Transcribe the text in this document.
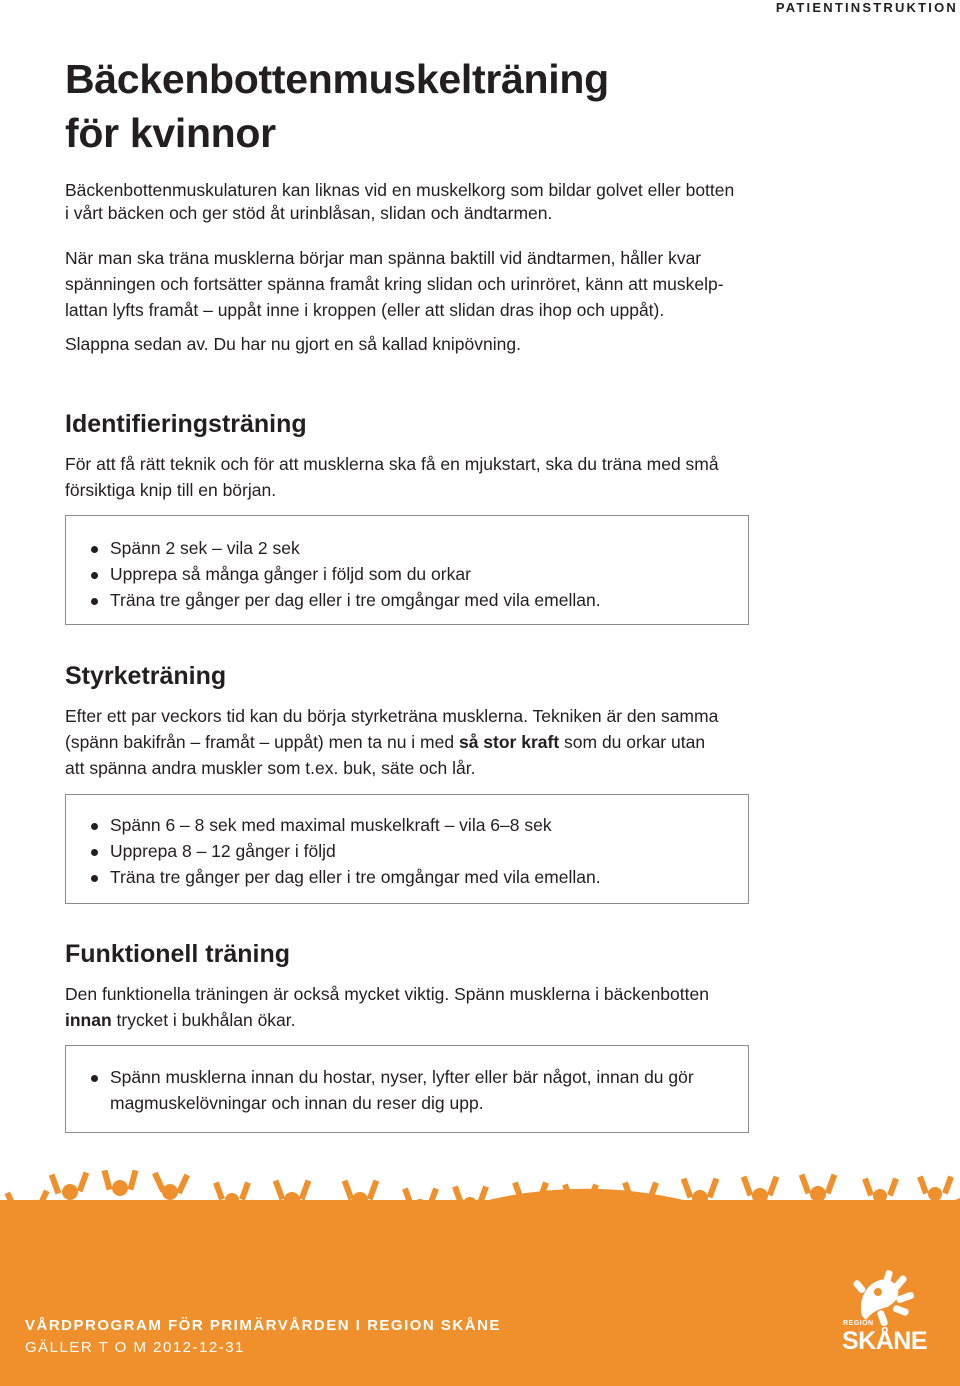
PATIENTINSTRUKTION
Bäckenbottenmuskelträning
för kvinnor
Bäckenbottenmuskulaturen kan liknas vid en muskelkorg som bildar golvet eller botten
i vårt bäcken och ger stöd åt urinblåsan, slidan och ändtarmen.

När man ska träna musklerna börjar man spänna baktill vid ändtarmen, håller kvar
spänningen och fortsätter spänna framåt kring slidan och urinröret, känn att muskelp-
lattan lyfts framåt – uppåt inne i kroppen (eller att slidan dras ihop och uppåt).

Slappna sedan av. Du har nu gjort en så kallad knipövning.

Identifieringsträning
För att få rätt teknik och för att musklerna ska få en mjukstart, ska du träna med små
försiktiga knip till en början.
Spänn 2 sek – vila 2 sek
Upprepa så många gånger i följd som du orkar
Träna tre gånger per dag eller i tre omgångar med vila emellan.
Styrketräning
Efter ett par veckors tid kan du börja styrketräna musklerna. Tekniken är den samma
(spänn bakifrån – framåt – uppåt) men ta nu i med så stor kraft som du orkar utan
att spänna andra muskler som t.ex. buk, säte och lår.
Spänn 6 – 8 sek med maximal muskelkraft – vila 6–8 sek
Upprepa 8 – 12 gånger i följd
Träna tre gånger per dag eller i tre omgångar med vila emellan.
Funktionell träning
Den funktionella träningen är också mycket viktig. Spänn musklerna i bäckenbotten
innan trycket i bukhålan ökar.
Spänn musklerna innan du hostar, nyser, lyfter eller bär något, innan du gör
magmuskelövningar och innan du reser dig upp.
VÅRDPROGRAM FÖR PRIMÄRVÅRDEN I REGION SKÅNE
GÄLLER T O M 2012-12-31
REGION
SKÅNE
